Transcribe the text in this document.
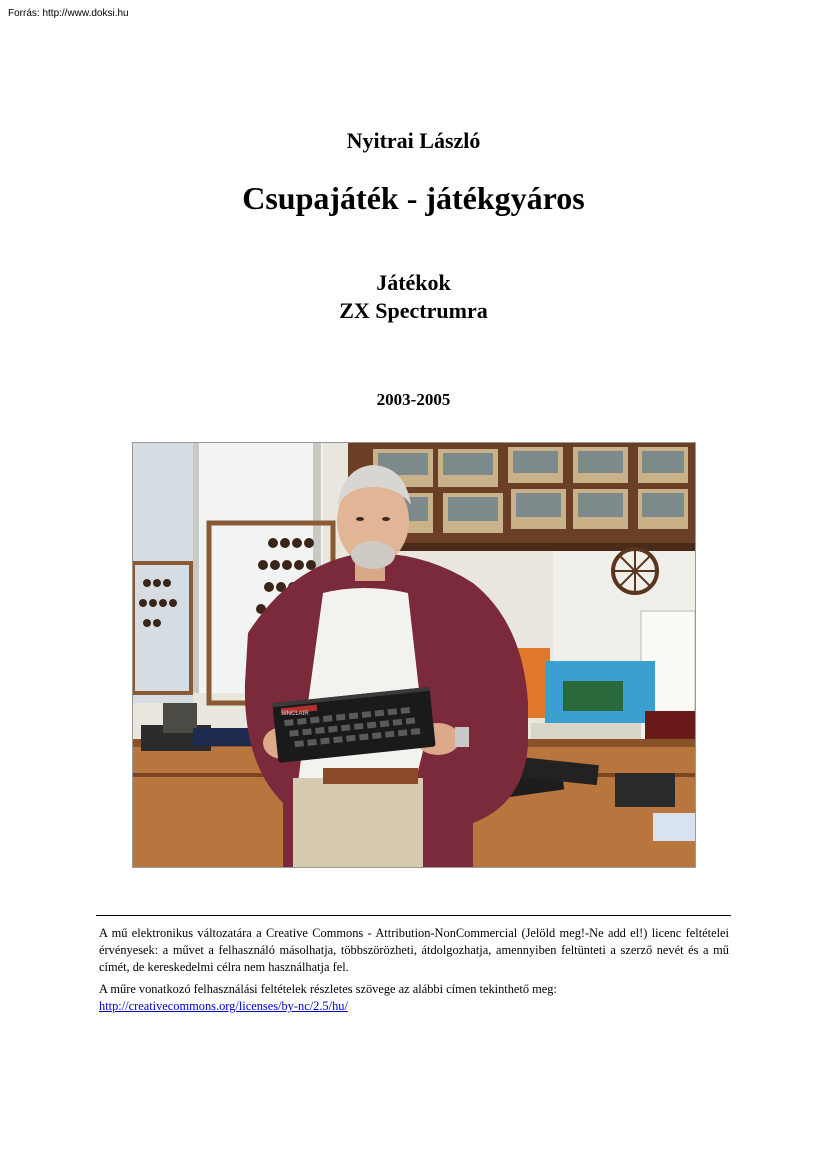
Forrás: http://www.doksi.hu
Nyitrai László
Csupajáték - játékgyáros
Játékok
ZX Spectrumra
2003-2005
SINCLAIR

A mű elektronikus változatára a Creative Commons - Attribution-NonCommercial (Jelöld meg!-Ne add el!) licenc feltételei érvényesek: a művet a felhasználó másolhatja, többszörözheti, átdolgozhatja, amennyiben feltünteti a szerző nevét és a mű címét, de kereskedelmi célra nem használhatja fel.

A műre vonatkozó felhasználási feltételek részletes szövege az alábbi címen tekinthető meg:

http://creativecommons.org/licenses/by-nc/2.5/hu/
